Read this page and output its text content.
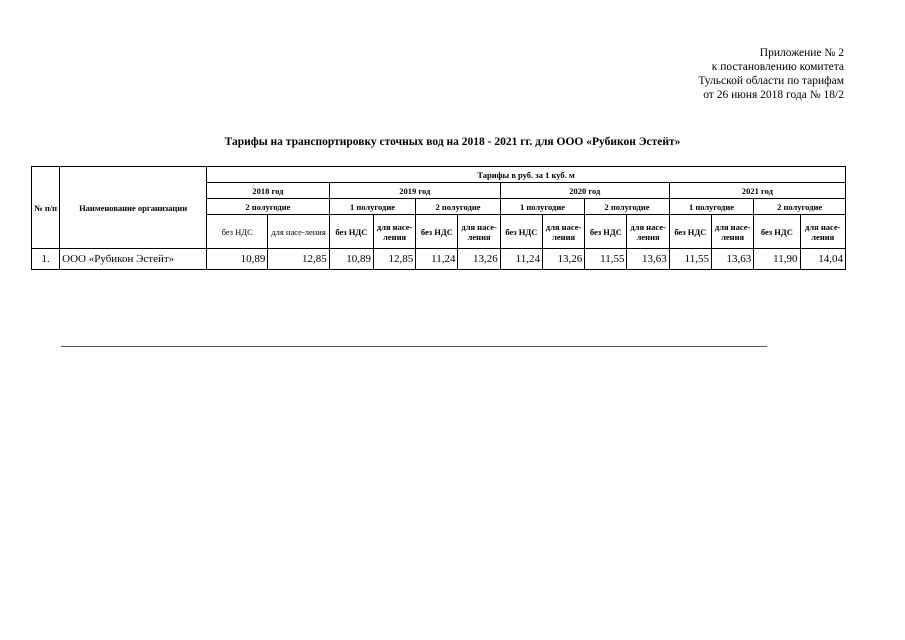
Приложение № 2
к постановлению комитета
Тульской области по тарифам
от 26 июня 2018 года № 18/2
Тарифы на транспортировку сточных вод на 2018 - 2021 гг. для ООО «Рубикон Эстейт»
№ п/п	Наименование организации	Тарифы в руб. за 1 куб. м													
		2018 год		2019 год				2020 год				2021 год			
		2 полугодие		1 полугодие		2 полугодие		1 полугодие		2 полугодие		1 полугодие		2 полугодие	
		без НДС	для насе-ления	без НДС	для насе-ления	без НДС	для насе-ления	без НДС	для насе-ления	без НДС	для насе-ления	без НДС	для насе-ления	без НДС	для насе-ления
1.	ООО «Рубикон Эстейт»	10,89	12,85	10,89	12,85	11,24	13,26	11,24	13,26	11,55	13,63	11,55	13,63	11,90	14,04
